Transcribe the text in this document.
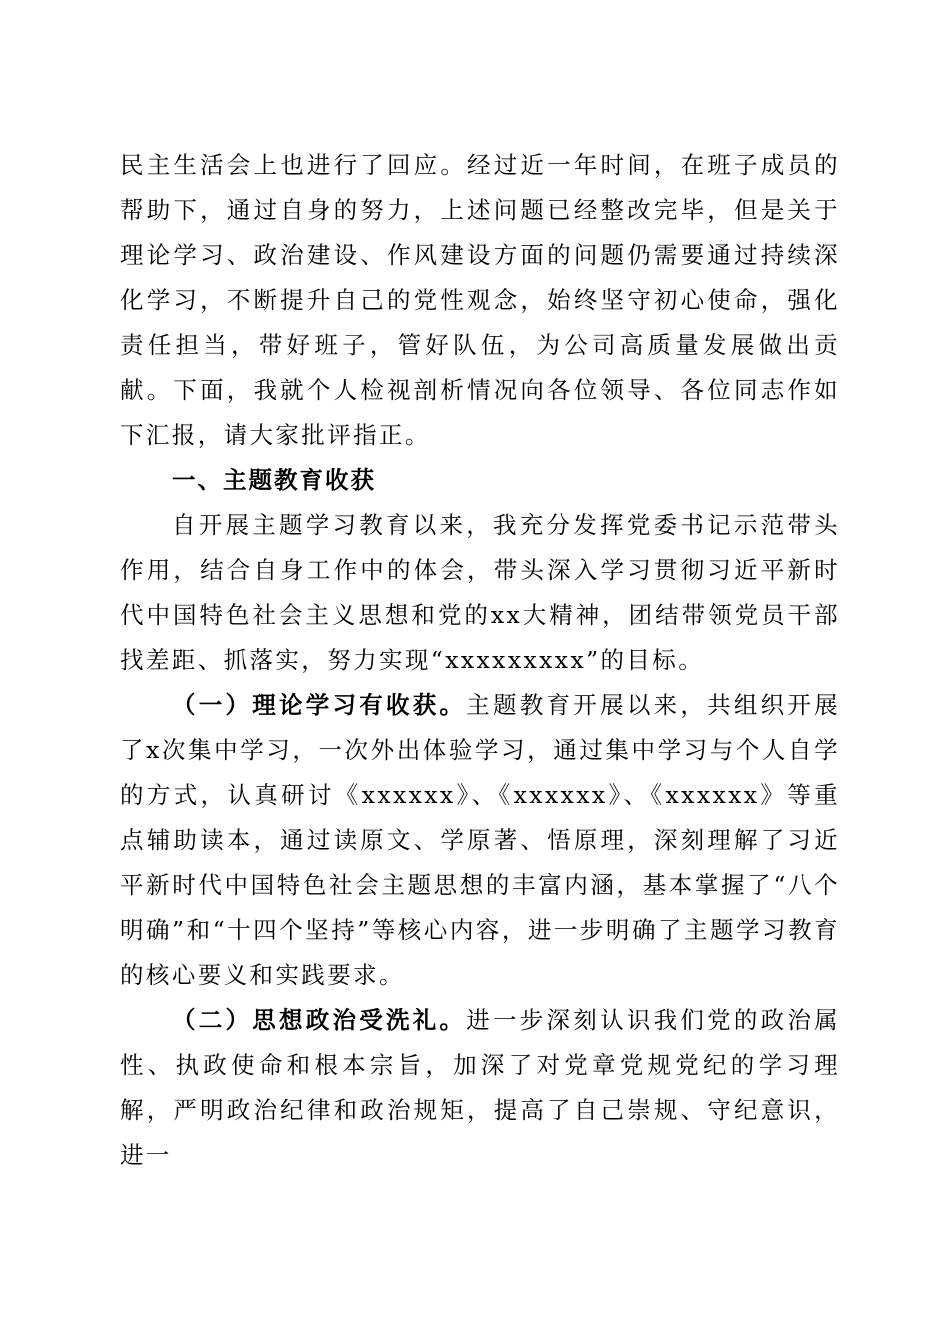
民主生活会上也进行了回应。经过近一年时间，在班子成员的帮助下，通过自身的努力，上述问题已经整改完毕，但是关于理论学习、政治建设、作风建设方面的问题仍需要通过持续深化学习，不断提升自己的党性观念，始终坚守初心使命，强化责任担当，带好班子，管好队伍，为公司高质量发展做出贡献。下面，我就个人检视剖析情况向各位领导、各位同志作如下汇报，请大家批评指正。

一、主题教育收获

自开展主题学习教育以来，我充分发挥党委书记示范带头作用，结合自身工作中的体会，带头深入学习贯彻习近平新时代中国特色社会主义思想和党的xx大精神，团结带领党员干部找差距、抓落实，努力实现“xxxxxxxxx”的目标。

（一）理论学习有收获。主题教育开展以来，共组织开展了x次集中学习，一次外出体验学习，通过集中学习与个人自学的方式，认真研讨《xxxxxx》、《xxxxxx》、《xxxxxx》等重点辅助读本，通过读原文、学原著、悟原理，深刻理解了习近平新时代中国特色社会主题思想的丰富内涵，基本掌握了“八个明确”和“十四个坚持”等核心内容，进一步明确了主题学习教育的核心要义和实践要求。

（二）思想政治受洗礼。进一步深刻认识我们党的政治属性、执政使命和根本宗旨，加深了对党章党规党纪的学习理解，严明政治纪律和政治规矩，提高了自己崇规、守纪意识，进一
